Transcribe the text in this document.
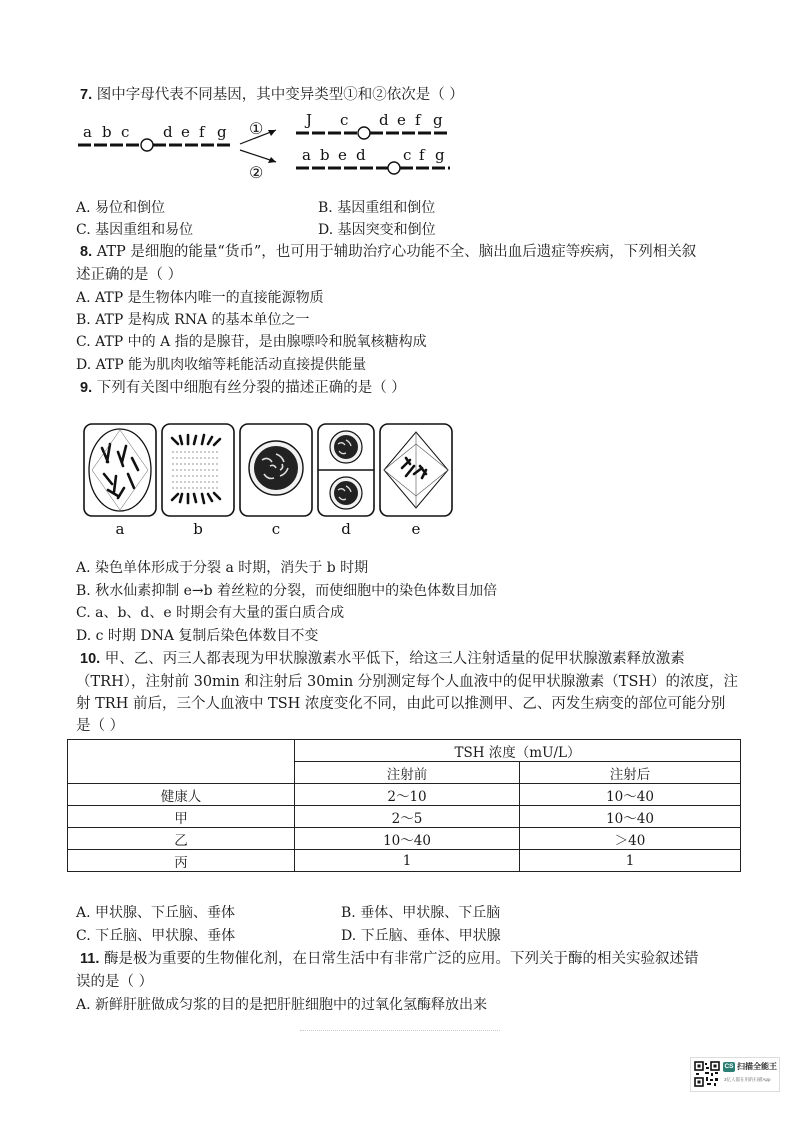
7. 图中字母代表不同基因，其中变异类型①和②依次是（ ）
a b c d e f g ①
②
J c d e f g
a b e d c f g
A. 易位和倒位	B. 基因重组和倒位
C. 基因重组和易位	D. 基因突变和倒位
8. ATP 是细胞的能量“货币”，也可用于辅助治疗心功能不全、脑出血后遗症等疾病，下列相关叙
述正确的是（ ）
A. ATP 是生物体内唯一的直接能源物质
B. ATP 是构成 RNA 的基本单位之一
C. ATP 中的 A 指的是腺苷，是由腺嘌呤和脱氧核糖构成
D. ATP 能为肌肉收缩等耗能活动直接提供能量
9. 下列有关图中细胞有丝分裂的描述正确的是（ ）
a	b	c	d	e
A. 染色单体形成于分裂 a 时期，消失于 b 时期
B. 秋水仙素抑制 e→b 着丝粒的分裂，而使细胞中的染色体数目加倍
C. a、b、d、e 时期会有大量的蛋白质合成
D. c 时期 DNA 复制后染色体数目不变
10. 甲、乙、丙三人都表现为甲状腺激素水平低下，给这三人注射适量的促甲状腺激素释放激素
（TRH），注射前 30min 和注射后 30min 分别测定每个人血液中的促甲状腺激素（TSH）的浓度，注
射 TRH 前后，三个人血液中 TSH 浓度变化不同，由此可以推测甲、乙、丙发生病变的部位可能分别
是（ ）
	TSH 浓度（mU/L）	
	注射前	注射后
健康人	2～10	10～40
甲	2～5	10～40
乙	10～40	＞40
丙	1	1
A. 甲状腺、下丘脑、垂体	B. 垂体、甲状腺、下丘脑
C. 下丘脑、甲状腺、垂体	D. 下丘脑、垂体、甲状腺
11. 酶是极为重要的生物催化剂，在日常生活中有非常广泛的应用。下列关于酶的相关实验叙述错
误的是（ ）
A. 新鲜肝脏做成匀浆的目的是把肝脏细胞中的过氧化氢酶释放出来
CS 扫描全能王
3亿人都在用的扫描App
